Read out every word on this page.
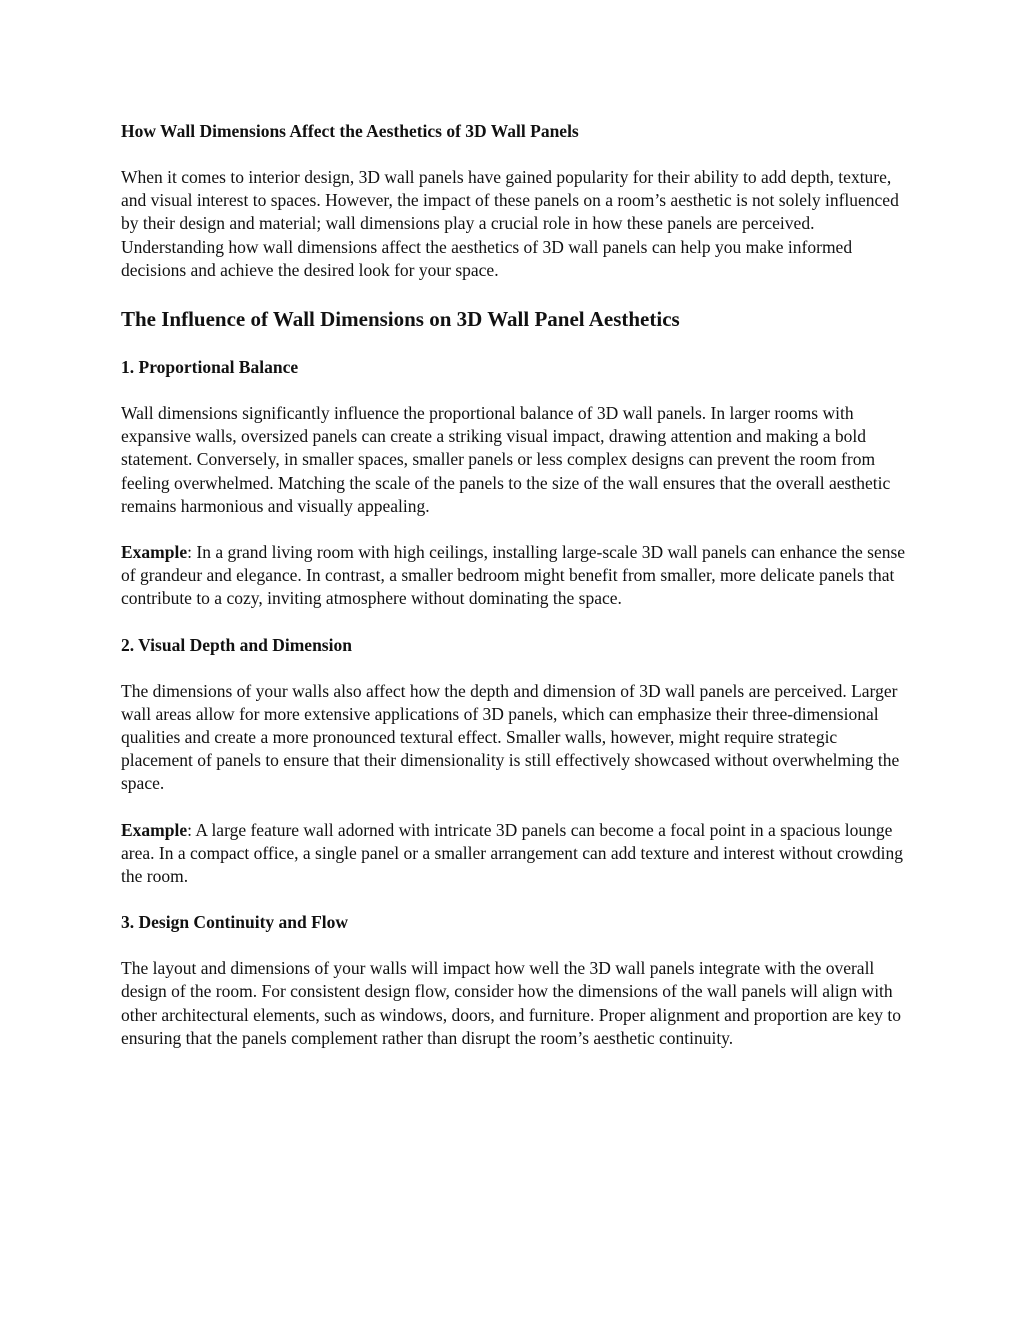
How Wall Dimensions Affect the Aesthetics of 3D Wall Panels

When it comes to interior design, 3D wall panels have gained popularity for their ability to add depth, texture, and visual interest to spaces. However, the impact of these panels on a room’s aesthetic is not solely influenced by their design and material; wall dimensions play a crucial role in how these panels are perceived. Understanding how wall dimensions affect the aesthetics of 3D wall panels can help you make informed decisions and achieve the desired look for your space.

The Influence of Wall Dimensions on 3D Wall Panel Aesthetics
1. Proportional Balance

Wall dimensions significantly influence the proportional balance of 3D wall panels. In larger rooms with expansive walls, oversized panels can create a striking visual impact, drawing attention and making a bold statement. Conversely, in smaller spaces, smaller panels or less complex designs can prevent the room from feeling overwhelmed. Matching the scale of the panels to the size of the wall ensures that the overall aesthetic remains harmonious and visually appealing.

Example: In a grand living room with high ceilings, installing large-scale 3D wall panels can enhance the sense of grandeur and elegance. In contrast, a smaller bedroom might benefit from smaller, more delicate panels that contribute to a cozy, inviting atmosphere without dominating the space.

2. Visual Depth and Dimension

The dimensions of your walls also affect how the depth and dimension of 3D wall panels are perceived. Larger wall areas allow for more extensive applications of 3D panels, which can emphasize their three-dimensional qualities and create a more pronounced textural effect. Smaller walls, however, might require strategic placement of panels to ensure that their dimensionality is still effectively showcased without overwhelming the space.

Example: A large feature wall adorned with intricate 3D panels can become a focal point in a spacious lounge area. In a compact office, a single panel or a smaller arrangement can add texture and interest without crowding the room.

3. Design Continuity and Flow

The layout and dimensions of your walls will impact how well the 3D wall panels integrate with the overall design of the room. For consistent design flow, consider how the dimensions of the wall panels will align with other architectural elements, such as windows, doors, and furniture. Proper alignment and proportion are key to ensuring that the panels complement rather than disrupt the room’s aesthetic continuity.
